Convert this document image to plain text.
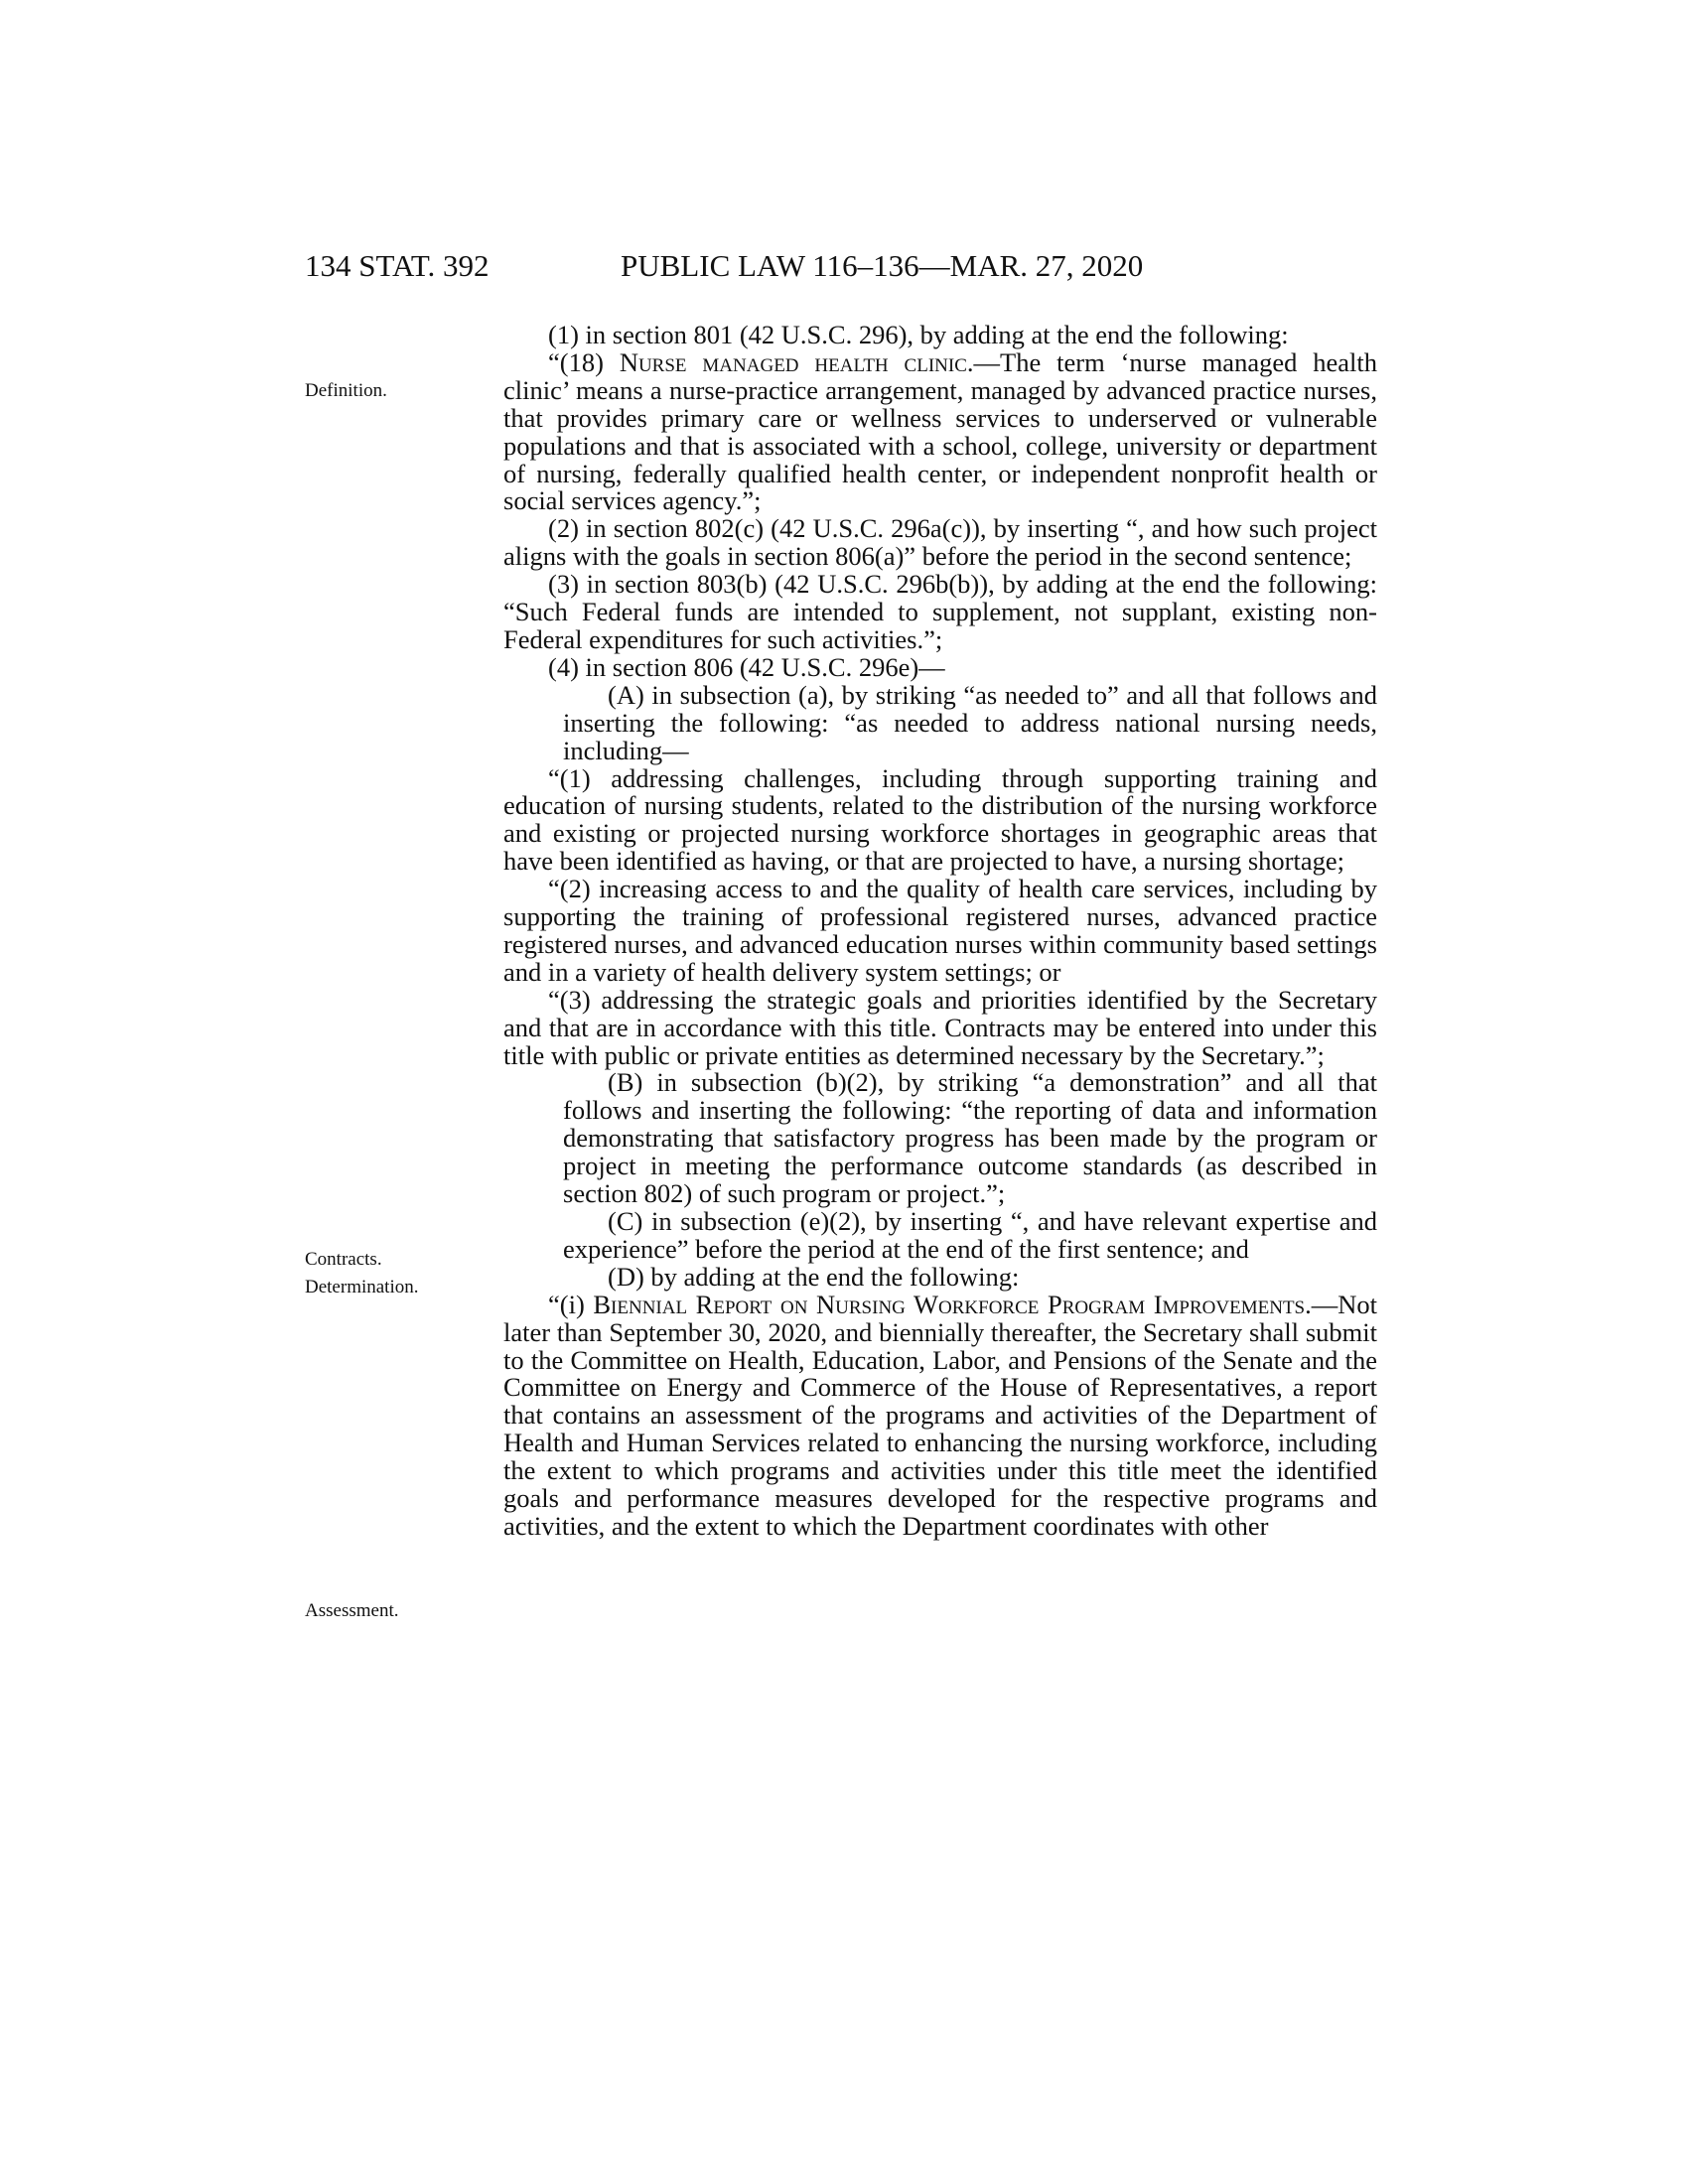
134 STAT. 392	PUBLIC LAW 116–136—MAR. 27, 2020
Definition.
Contracts.
Determination.
Assessment.

(1) in section 801 (42 U.S.C. 296), by adding at the end the following:

“(18) Nurse managed health clinic.—The term ‘nurse managed health clinic’ means a nurse-practice arrangement, managed by advanced practice nurses, that provides primary care or wellness services to underserved or vulnerable populations and that is associated with a school, college, university or department of nursing, federally qualified health center, or independent nonprofit health or social services agency.”;

(2) in section 802(c) (42 U.S.C. 296a(c)), by inserting “, and how such project aligns with the goals in section 806(a)” before the period in the second sentence;

(3) in section 803(b) (42 U.S.C. 296b(b)), by adding at the end the following: “Such Federal funds are intended to supplement, not supplant, existing non-Federal expenditures for such activities.”;

(4) in section 806 (42 U.S.C. 296e)—

(A) in subsection (a), by striking “as needed to” and all that follows and inserting the following: “as needed to address national nursing needs, including—

“(1) addressing challenges, including through supporting training and education of nursing students, related to the distribution of the nursing workforce and existing or projected nursing workforce shortages in geographic areas that have been identified as having, or that are projected to have, a nursing shortage;

“(2) increasing access to and the quality of health care services, including by supporting the training of professional registered nurses, advanced practice registered nurses, and advanced education nurses within community based settings and in a variety of health delivery system settings; or

“(3) addressing the strategic goals and priorities identified by the Secretary and that are in accordance with this title. Contracts may be entered into under this title with public or private entities as determined necessary by the Secretary.”;

(B) in subsection (b)(2), by striking “a demonstration” and all that follows and inserting the following: “the reporting of data and information demonstrating that satisfactory progress has been made by the program or project in meeting the performance outcome standards (as described in section 802) of such program or project.”;

(C) in subsection (e)(2), by inserting “, and have relevant expertise and experience” before the period at the end of the first sentence; and

(D) by adding at the end the following:

“(i) Biennial Report on Nursing Workforce Program Improvements.—Not later than September 30, 2020, and biennially thereafter, the Secretary shall submit to the Committee on Health, Education, Labor, and Pensions of the Senate and the Committee on Energy and Commerce of the House of Representatives, a report that contains an assessment of the programs and activities of the Department of Health and Human Services related to enhancing the nursing workforce, including the extent to which programs and activities under this title meet the identified goals and performance measures developed for the respective programs and activities, and the extent to which the Department coordinates with other
